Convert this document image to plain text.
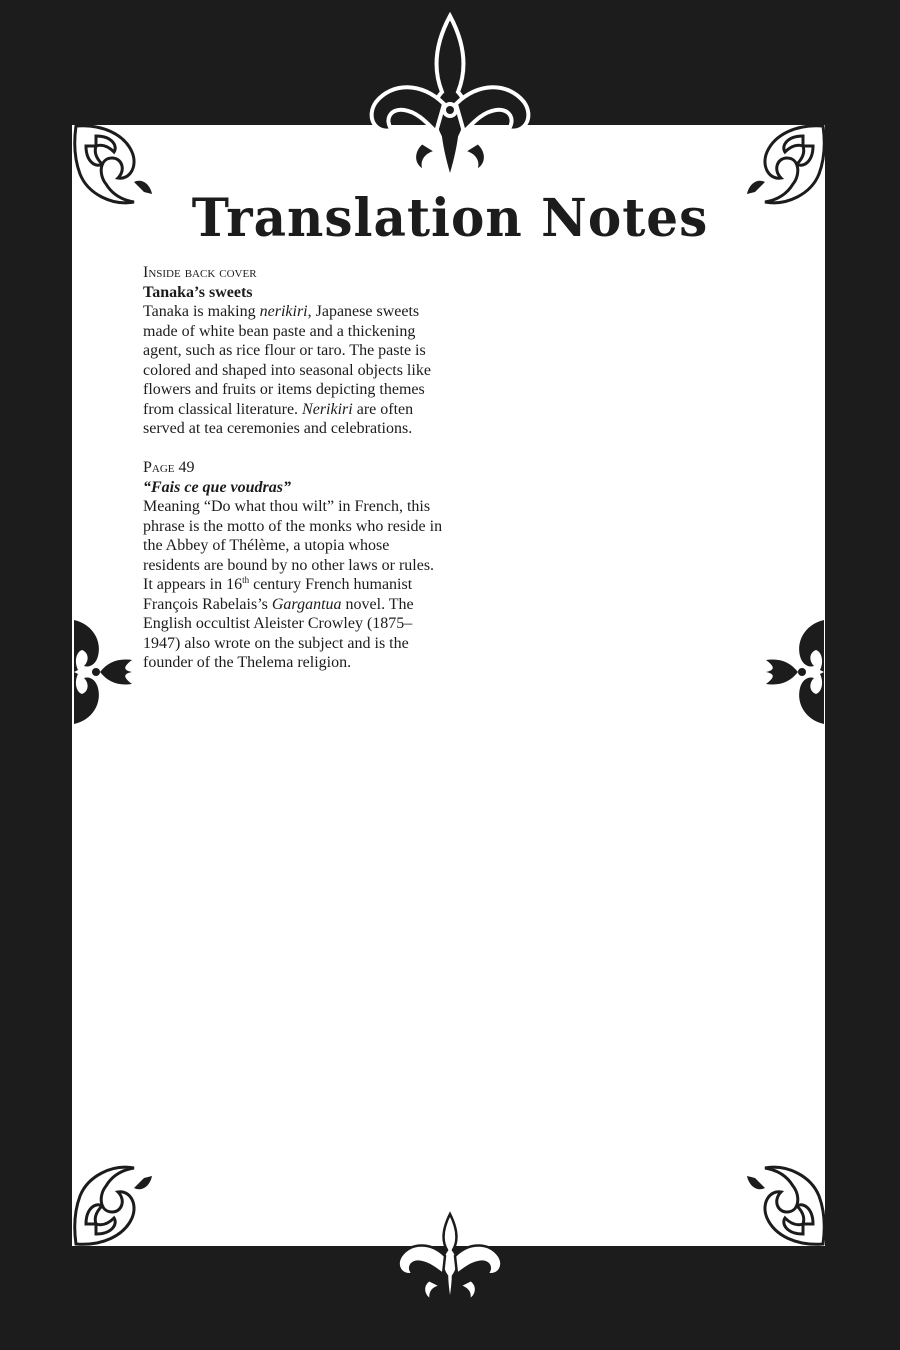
Translation Notes
Inside back cover
Tanaka’s sweets

Tanaka is making nerikiri, Japanese sweets made of white bean paste and a thickening agent, such as rice flour or taro. The paste is colored and shaped into seasonal objects like flowers and fruits or items depicting themes from classical literature. Nerikiri are often served at tea ceremonies and celebrations.

Page 49
“Fais ce que voudras”

Meaning “Do what thou wilt” in French, this phrase is the motto of the monks who reside in the Abbey of Thélème, a utopia whose residents are bound by no other laws or rules. It appears in 16th century French humanist François Rabelais’s Gargantua novel. The English occultist Aleister Crowley (1875–1947) also wrote on the subject and is the founder of the Thelema religion.
